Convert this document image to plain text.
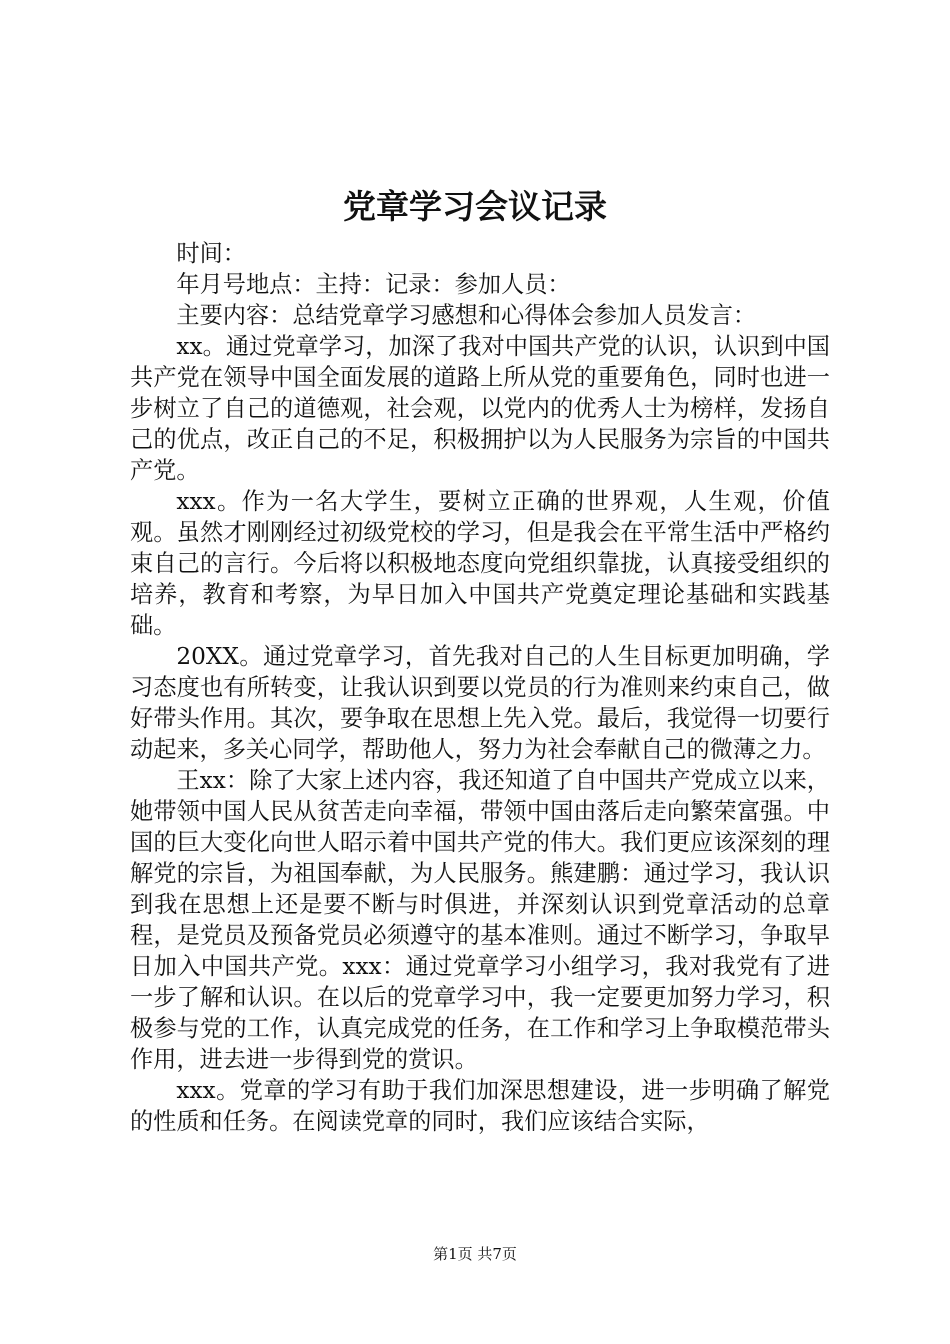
党章学习会议记录

时间：

年月号地点：主持：记录：参加人员：

主要内容：总结党章学习感想和心得体会参加人员发言：

xx。通过党章学习，加深了我对中国共产党的认识，认识到中国共产党在领导中国全面发展的道路上所从党的重要角色，同时也进一步树立了自己的道德观，社会观，以党内的优秀人士为榜样，发扬自己的优点，改正自己的不足，积极拥护以为人民服务为宗旨的中国共产党。

xxx。作为一名大学生，要树立正确的世界观，人生观，价值观。虽然才刚刚经过初级党校的学习，但是我会在平常生活中严格约束自己的言行。今后将以积极地态度向党组织靠拢，认真接受组织的培养，教育和考察，为早日加入中国共产党奠定理论基础和实践基础。

20XX。通过党章学习，首先我对自己的人生目标更加明确，学习态度也有所转变，让我认识到要以党员的行为准则来约束自己，做好带头作用。其次，要争取在思想上先入党。最后，我觉得一切要行动起来，多关心同学，帮助他人，努力为社会奉献自己的微薄之力。

王xx：除了大家上述内容，我还知道了自中国共产党成立以来，她带领中国人民从贫苦走向幸福，带领中国由落后走向繁荣富强。中国的巨大变化向世人昭示着中国共产党的伟大。我们更应该深刻的理解党的宗旨，为祖国奉献，为人民服务。熊建鹏：通过学习，我认识到我在思想上还是要不断与时俱进，并深刻认识到党章活动的总章程，是党员及预备党员必须遵守的基本准则。通过不断学习，争取早日加入中国共产党。xxx：通过党章学习小组学习，我对我党有了进一步了解和认识。在以后的党章学习中，我一定要更加努力学习，积极参与党的工作，认真完成党的任务，在工作和学习上争取模范带头作用，进去进一步得到党的赏识。

xxx。党章的学习有助于我们加深思想建设，进一步明确了解党的性质和任务。在阅读党章的同时，我们应该结合实际，

第1页 共7页
